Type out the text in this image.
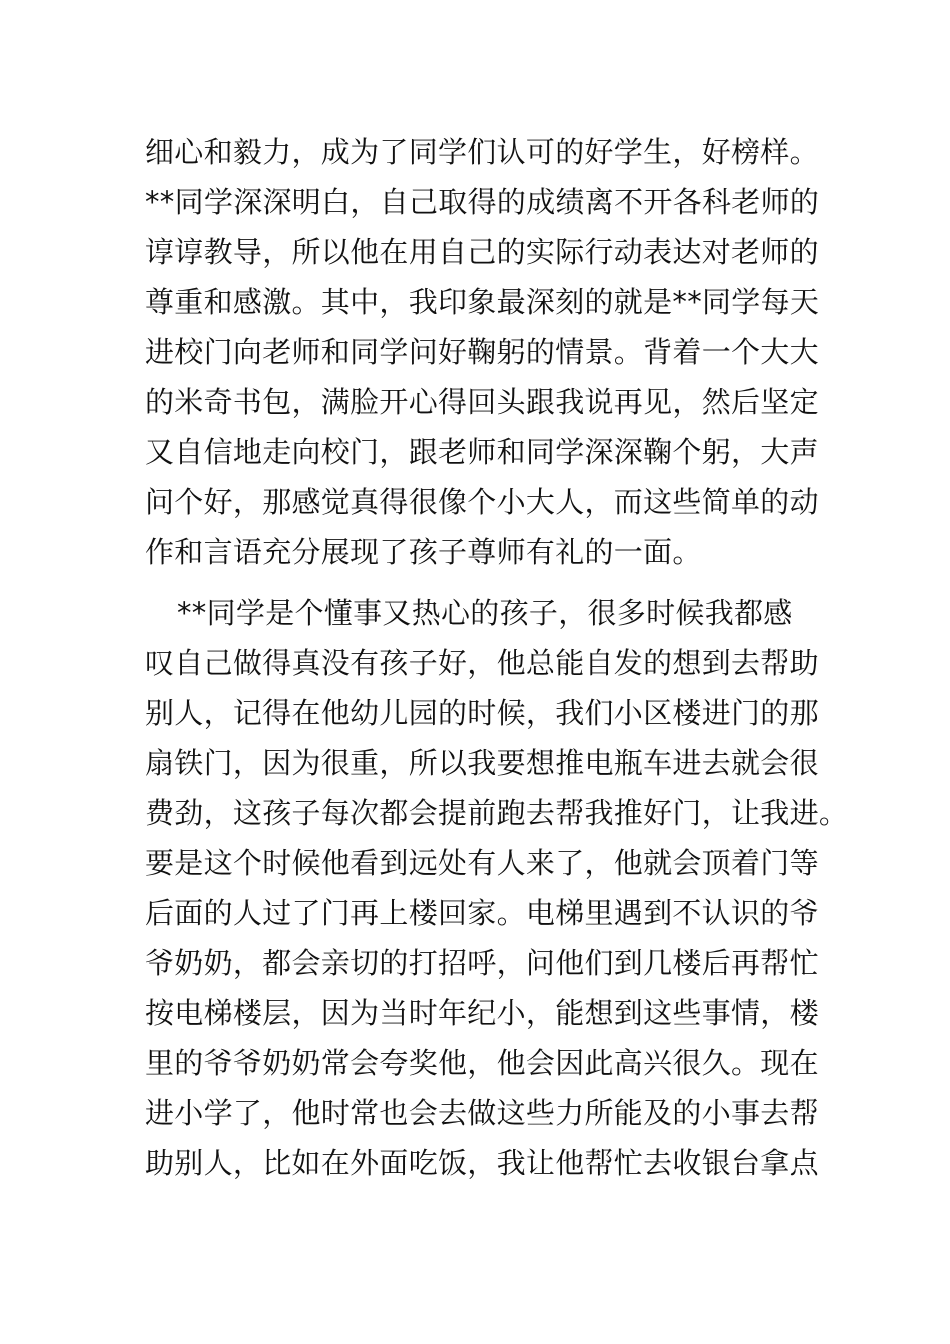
细心和毅力，成为了同学们认可的好学生，好榜样。
**同学深深明白，自己取得的成绩离不开各科老师的
谆谆教导，所以他在用自己的实际行动表达对老师的
尊重和感激。其中，我印象最深刻的就是**同学每天
进校门向老师和同学问好鞠躬的情景。背着一个大大
的米奇书包，满脸开心得回头跟我说再见，然后坚定
又自信地走向校门，跟老师和同学深深鞠个躬，大声
问个好，那感觉真得很像个小大人，而这些简单的动
作和言语充分展现了孩子尊师有礼的一面。
**同学是个懂事又热心的孩子，很多时候我都感
叹自己做得真没有孩子好，他总能自发的想到去帮助
别人，记得在他幼儿园的时候，我们小区楼进门的那
扇铁门，因为很重，所以我要想推电瓶车进去就会很
费劲，这孩子每次都会提前跑去帮我推好门，让我进。
要是这个时候他看到远处有人来了，他就会顶着门等
后面的人过了门再上楼回家。电梯里遇到不认识的爷
爷奶奶，都会亲切的打招呼，问他们到几楼后再帮忙
按电梯楼层，因为当时年纪小，能想到这些事情，楼
里的爷爷奶奶常会夸奖他，他会因此高兴很久。现在
进小学了，他时常也会去做这些力所能及的小事去帮
助别人，比如在外面吃饭，我让他帮忙去收银台拿点
